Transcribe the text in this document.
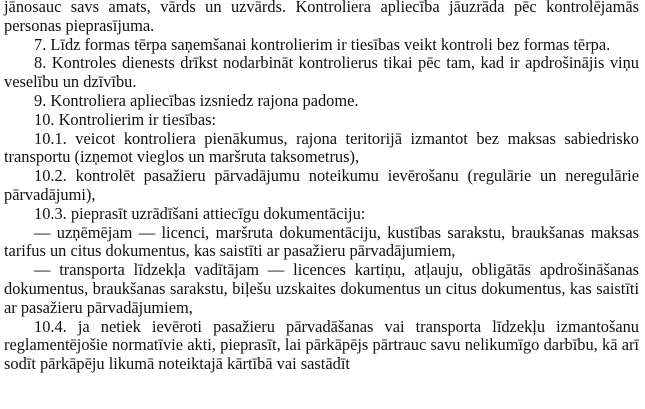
jānosauc savs amats, vārds un uzvārds. Kontroliera apliecība jāuzrāda pēc kontrolējamās personas pieprasījuma.

7. Līdz formas tērpa saņemšanai kontrolierim ir tiesības veikt kontroli bez formas tērpa.

8. Kontroles dienests drīkst nodarbināt kontrolierus tikai pēc tam, kad ir apdrošinājis viņu veselību un dzīvību.

9. Kontroliera apliecības izsniedz rajona padome.

10. Kontrolierim ir tiesības:

10.1. veicot kontroliera pienākumus, rajona teritorijā izmantot bez maksas sabiedrisko transportu (izņemot vieglos un maršruta taksometrus),

10.2. kontrolēt pasažieru pārvadājumu noteikumu ievērošanu (regulārie un neregulārie pārvadājumi),

10.3. pieprasīt uzrādīšani attiecīgu dokumentāciju:

— uzņēmējam — licenci, maršruta dokumentāciju, kustības sarakstu, braukšanas maksas tarifus un citus dokumentus, kas saistīti ar pasažieru pārvadājumiem,

— transporta līdzekļa vadītājam — licences kartiņu, atļauju, obligātās apdrošināšanas dokumentus, braukšanas sarakstu, biļešu uzskaites dokumentus un citus dokumentus, kas saistīti ar pasažieru pārvadājumiem,

10.4. ja netiek ievēroti pasažieru pārvadāšanas vai transporta līdzekļu izmantošanu reglamentējošie normatīvie akti, pieprasīt, lai pārkāpējs pārtrauc savu nelikumīgo darbību, kā arī sodīt pārkāpēju likumā noteiktajā kārtībā vai sastādīt
